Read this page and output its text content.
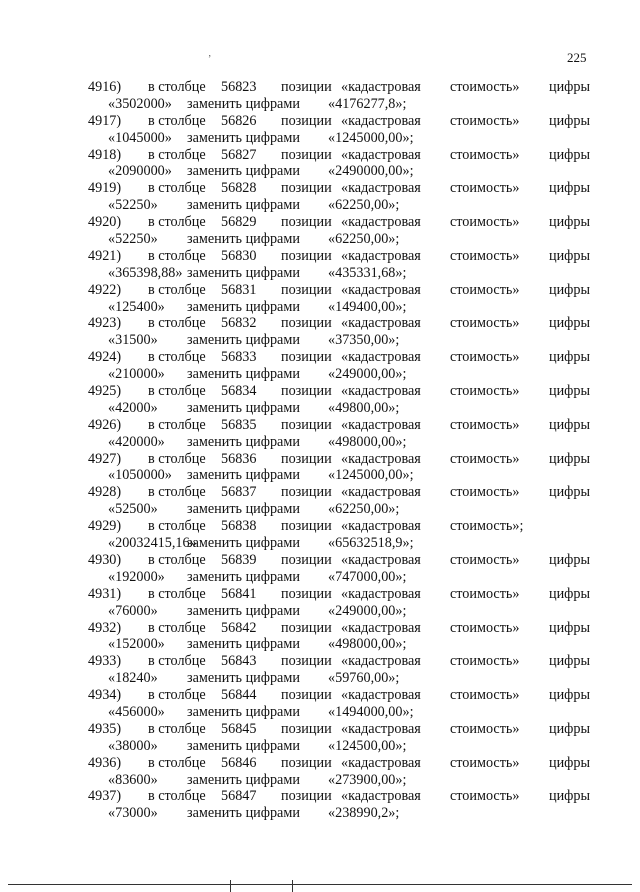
225
ʼ
4916) в столбце 56823 позиции «кадастровая стоимость» цифры
«3502000» заменить цифрами «4176277,8»;
4917) в столбце 56826 позиции «кадастровая стоимость» цифры
«1045000» заменить цифрами «1245000,00»;
4918) в столбце 56827 позиции «кадастровая стоимость» цифры
«2090000» заменить цифрами «2490000,00»;
4919) в столбце 56828 позиции «кадастровая стоимость» цифры
«52250» заменить цифрами «62250,00»;
4920) в столбце 56829 позиции «кадастровая стоимость» цифры
«52250» заменить цифрами «62250,00»;
4921) в столбце 56830 позиции «кадастровая стоимость» цифры
«365398,88» заменить цифрами «435331,68»;
4922) в столбце 56831 позиции «кадастровая стоимость» цифры
«125400» заменить цифрами «149400,00»;
4923) в столбце 56832 позиции «кадастровая стоимость» цифры
«31500» заменить цифрами «37350,00»;
4924) в столбце 56833 позиции «кадастровая стоимость» цифры
«210000» заменить цифрами «249000,00»;
4925) в столбце 56834 позиции «кадастровая стоимость» цифры
«42000» заменить цифрами «49800,00»;
4926) в столбце 56835 позиции «кадастровая стоимость» цифры
«420000» заменить цифрами «498000,00»;
4927) в столбце 56836 позиции «кадастровая стоимость» цифры
«1050000» заменить цифрами «1245000,00»;
4928) в столбце 56837 позиции «кадастровая стоимость» цифры
«52500» заменить цифрами «62250,00»;
4929) в столбце 56838 позиции «кадастровая стоимость»;
«20032415,16»
заменить цифрами «65632518,9»;
4930) в столбце 56839 позиции «кадастровая стоимость» цифры
«192000» заменить цифрами «747000,00»;
4931) в столбце 56841 позиции «кадастровая стоимость» цифры
«76000» заменить цифрами «249000,00»;
4932) в столбце 56842 позиции «кадастровая стоимость» цифры
«152000» заменить цифрами «498000,00»;
4933) в столбце 56843 позиции «кадастровая стоимость» цифры
«18240» заменить цифрами «59760,00»;
4934) в столбце 56844 позиции «кадастровая стоимость» цифры
«456000» заменить цифрами «1494000,00»;
4935) в столбце 56845 позиции «кадастровая стоимость» цифры
«38000» заменить цифрами «124500,00»;
4936) в столбце 56846 позиции «кадастровая стоимость» цифры
«83600» заменить цифрами «273900,00»;
4937) в столбце 56847 позиции «кадастровая стоимость» цифры
«73000» заменить цифрами «238990,2»;
